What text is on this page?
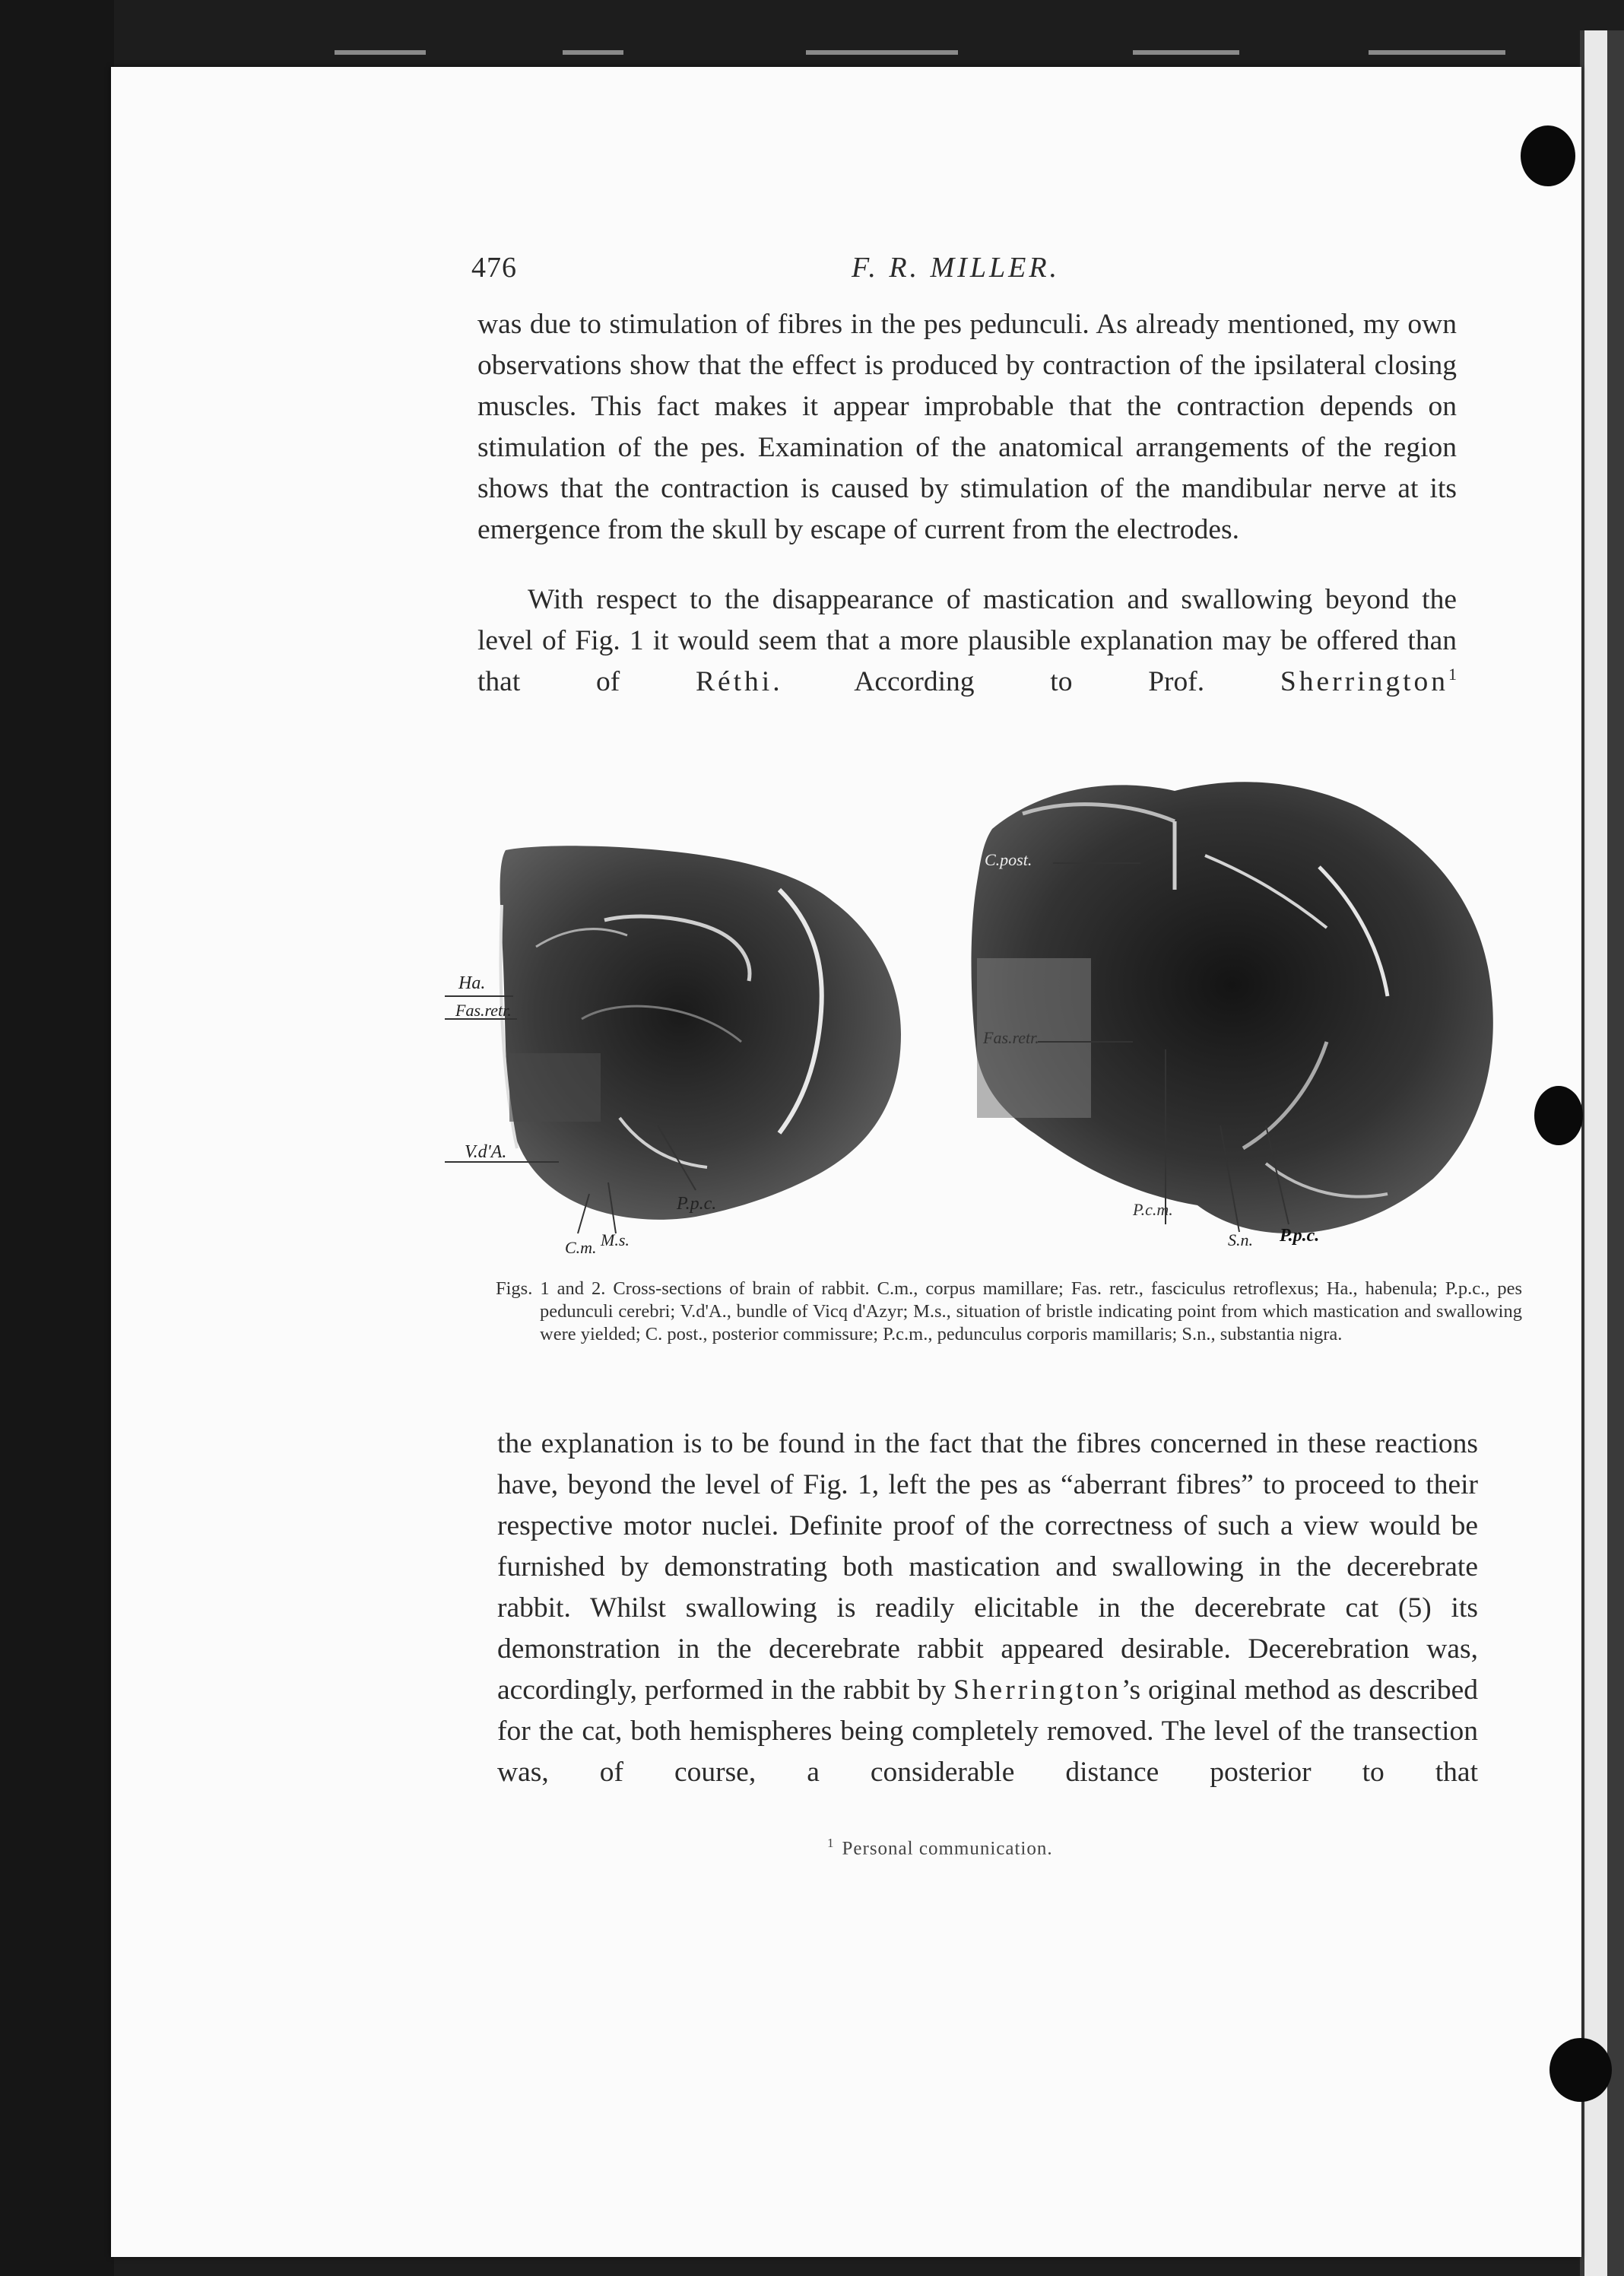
476	F. R. MILLER.

was due to stimulation of fibres in the pes pedunculi. As already mentioned, my own observations show that the effect is produced by contraction of the ipsilateral closing muscles. This fact makes it appear improbable that the contraction depends on stimulation of the pes. Examination of the anatomical arrangements of the region shows that the contraction is caused by stimulation of the mandibular nerve at its emergence from the skull by escape of current from the electrodes.

With respect to the disappearance of mastication and swallowing beyond the level of Fig. 1 it would seem that a more plausible explanation may be offered than that of	Réthi. According to Prof.	Sherrington$^1$

Ha.
Fas.retr.
V.d'A.
P.p.c.
C.m. M.s.
C.post.
Fas.retr.
P.c.m.
S.n. P.p.c.

Figs. 1 and 2. Cross-sections of brain of rabbit. C.m., corpus mamillare; Fas. retr., fasciculus retroflexus; Ha., habenula; P.p.c., pes pedunculi cerebri; V.d'A., bundle of Vicq d'Azyr; M.s., situation of bristle indicating point from which mastication and swallowing were yielded; C. post., posterior commissure; P.c.m., pedunculus corporis mamillaris; S.n., substantia nigra.

the explanation is to be found in the fact that the fibres concerned in these reactions have, beyond the level of Fig. 1, left the pes as “aberrant fibres” to proceed to their respective motor nuclei. Definite proof of the correctness of such a view would be furnished by demonstrating both mastication and swallowing in the decerebrate rabbit. Whilst swallowing is readily elicitable in the decerebrate cat (5) its demonstration in the decerebrate rabbit appeared desirable. Decerebration was, accordingly, performed in the rabbit by Sherrington’s original method as described for the cat, both hemispheres being completely removed. The level of the transection was, of course, a considerable distance posterior to that

$^1$ Personal communication.
